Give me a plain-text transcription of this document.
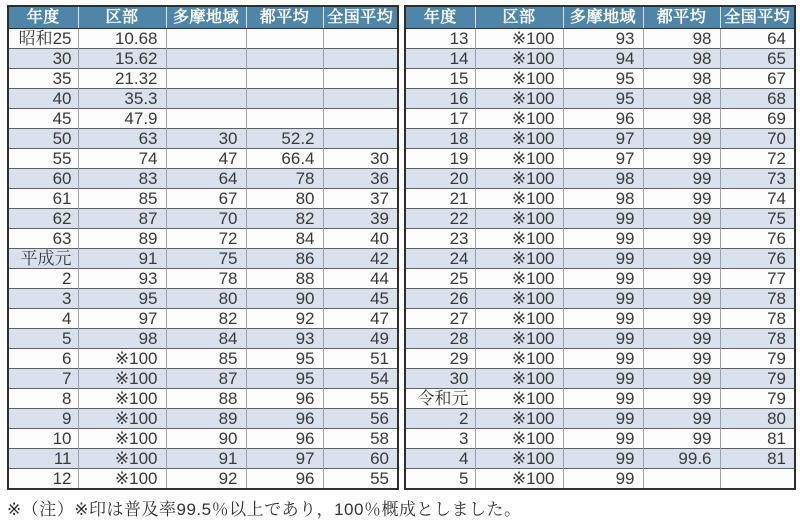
年度	区部	多摩地域	都平均	全国平均
昭和25	10.68			
30	15.62			
35	21.32			
40	35.3			
45	47.9			
50	63	30	52.2	
55	74	47	66.4	30
60	83	64	78	36
61	85	67	80	37
62	87	70	82	39
63	89	72	84	40
平成元	91	75	86	42
2	93	78	88	44
3	95	80	90	45
4	97	82	92	47
5	98	84	93	49
6	※100	85	95	51
7	※100	87	95	54
8	※100	88	96	55
9	※100	89	96	56
10	※100	90	96	58
11	※100	91	97	60
12	※100	92	96	55
年度	区部	多摩地域	都平均	全国平均
13	※100	93	98	64
14	※100	94	98	65
15	※100	95	98	67
16	※100	95	98	68
17	※100	96	98	69
18	※100	97	99	70
19	※100	97	99	72
20	※100	98	99	73
21	※100	98	99	74
22	※100	99	99	75
23	※100	99	99	76
24	※100	99	99	76
25	※100	99	99	77
26	※100	99	99	78
27	※100	99	99	78
28	※100	99	99	78
29	※100	99	99	79
30	※100	99	99	79
令和元	※100	99	99	79
2	※100	99	99	80
3	※100	99	99	81
4	※100	99	99.6	81
5	※100	99		
※（注）※印は普及率99.5％以上であり，100％概成としました。
